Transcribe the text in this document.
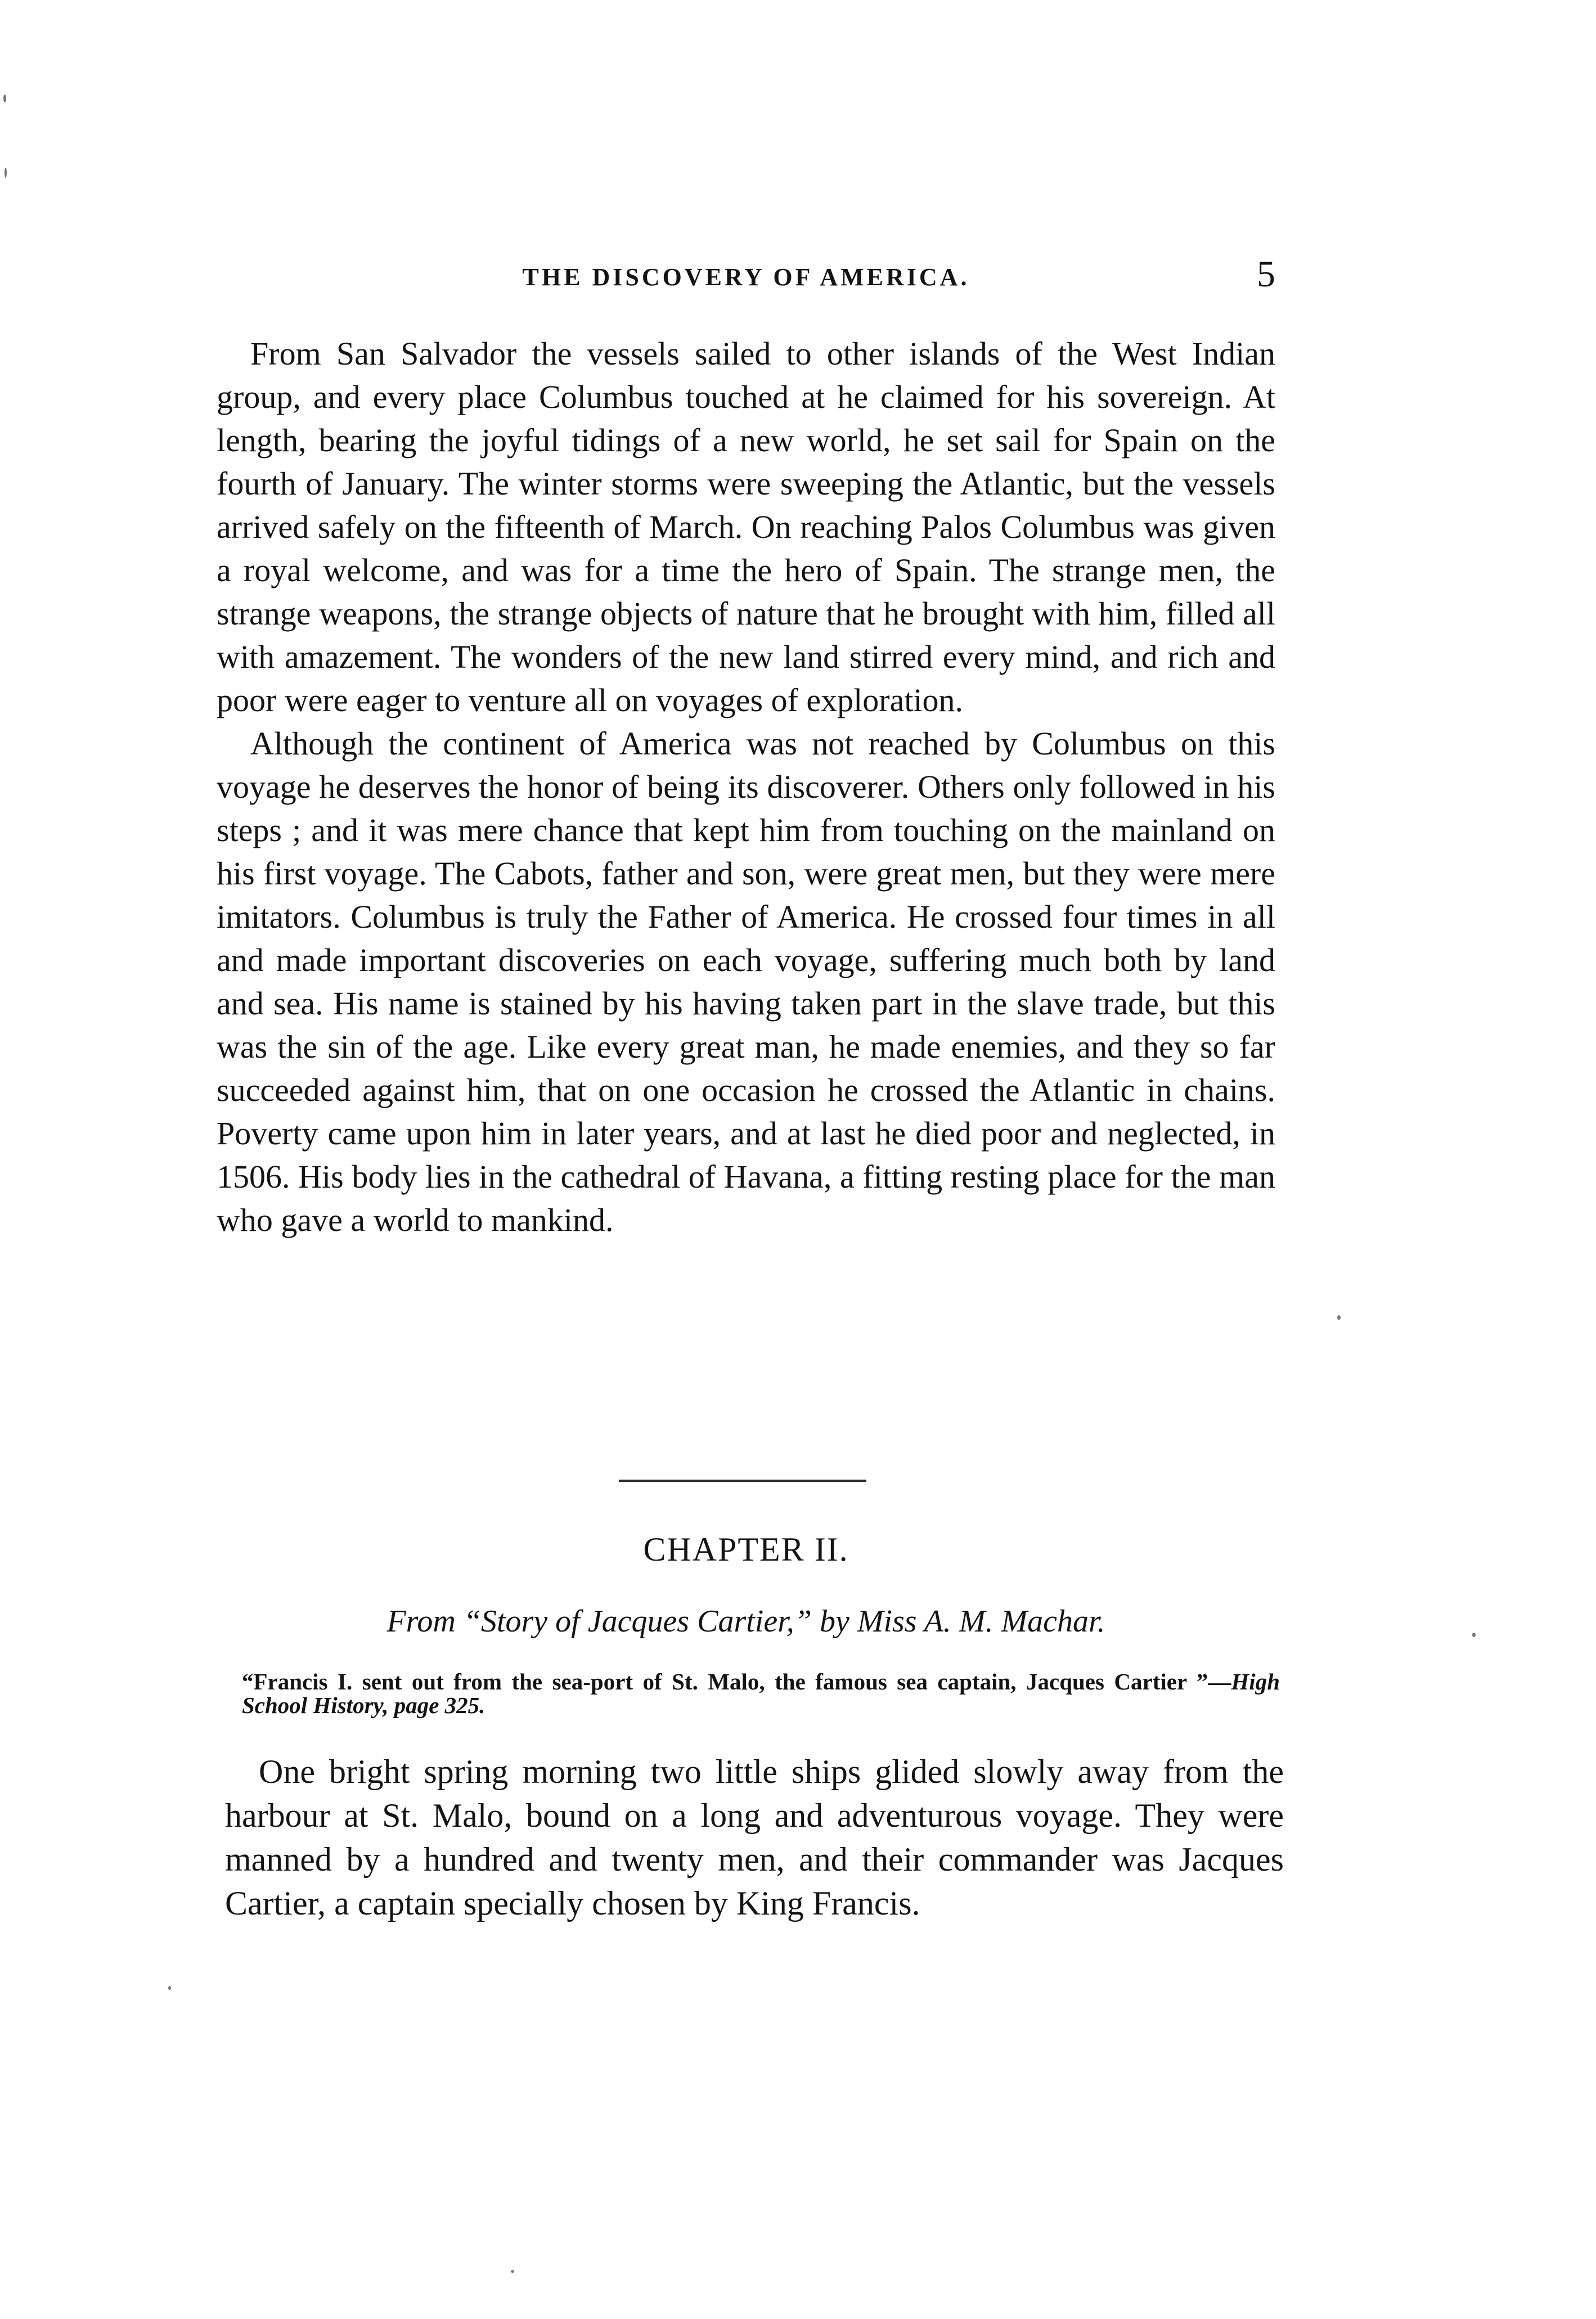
THE DISCOVERY OF AMERICA.	5

From San Salvador the vessels sailed to other islands of the West Indian group, and every place Columbus touched at he claimed for his sovereign. At length, bearing the joyful tidings of a new world, he set sail for Spain on the fourth of January. The winter storms were sweeping the Atlantic, but the vessels arrived safely on the fifteenth of March. On reaching Palos Columbus was given a royal welcome, and was for a time the hero of Spain. The strange men, the strange weapons, the strange objects of nature that he brought with him, filled all with amazement. The wonders of the new land stirred every mind, and rich and poor were eager to venture all on voyages of exploration.

Although the continent of America was not reached by Columbus on this voyage he deserves the honor of being its discoverer. Others only followed in his steps ; and it was mere chance that kept him from touching on the mainland on his first voyage. The Cabots, father and son, were great men, but they were mere imitators. Columbus is truly the Father of America. He crossed four times in all and made important discoveries on each voyage, suffering much both by land and sea. His name is stained by his having taken part in the slave trade, but this was the sin of the age. Like every great man, he made enemies, and they so far succeeded against him, that on one occasion he crossed the Atlantic in chains. Poverty came upon him in later years, and at last he died poor and neglected, in 1506. His body lies in the cathedral of Havana, a fitting resting place for the man who gave a world to mankind.

CHAPTER II.
From “Story of Jacques Cartier,” by Miss A. M. Machar.
“Francis I. sent out from the sea-port of St. Malo, the famous sea captain, Jacques Cartier ”—High School History, page 325.

One bright spring morning two little ships glided slowly away from the harbour at St. Malo, bound on a long and adventurous voyage. They were manned by a hundred and twenty men, and their commander was Jacques Cartier, a captain specially chosen by King Francis.
